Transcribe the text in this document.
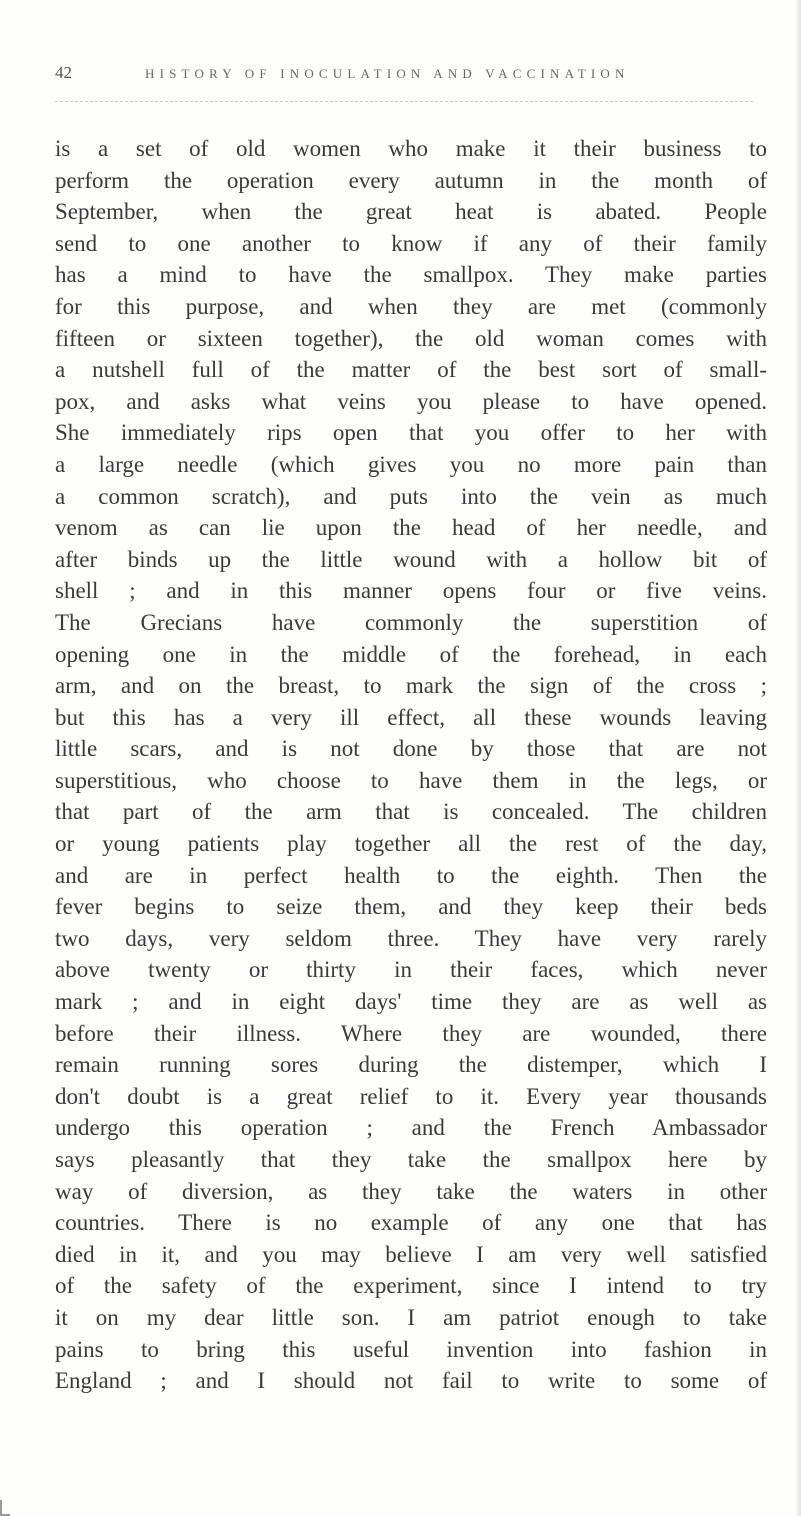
42	HISTORY OF INOCULATION AND VACCINATION
is a set of old women who make it their business to
perform the operation every autumn in the month of
September, when the great heat is abated. People
send to one another to know if any of their family
has a mind to have the smallpox. They make parties
for this purpose, and when they are met (commonly
fifteen or sixteen together), the old woman comes with
a nutshell full of the matter of the best sort of small-
pox, and asks what veins you please to have opened.
She immediately rips open that you offer to her with
a large needle (which gives you no more pain than
a common scratch), and puts into the vein as much
venom as can lie upon the head of her needle, and
after binds up the little wound with a hollow bit of
shell ; and in this manner opens four or five veins.
The Grecians have commonly the superstition of
opening one in the middle of the forehead, in each
arm, and on the breast, to mark the sign of the cross ;
but this has a very ill effect, all these wounds leaving
little scars, and is not done by those that are not
superstitious, who choose to have them in the legs, or
that part of the arm that is concealed. The children
or young patients play together all the rest of the day,
and are in perfect health to the eighth. Then the
fever begins to seize them, and they keep their beds
two days, very seldom three. They have very rarely
above twenty or thirty in their faces, which never
mark ; and in eight days' time they are as well as
before their illness. Where they are wounded, there
remain running sores during the distemper, which I
don't doubt is a great relief to it. Every year thousands
undergo this operation ; and the French Ambassador
says pleasantly that they take the smallpox here by
way of diversion, as they take the waters in other
countries. There is no example of any one that has
died in it, and you may believe I am very well satisfied
of the safety of the experiment, since I intend to try
it on my dear little son. I am patriot enough to take
pains to bring this useful invention into fashion in
England ; and I should not fail to write to some of
